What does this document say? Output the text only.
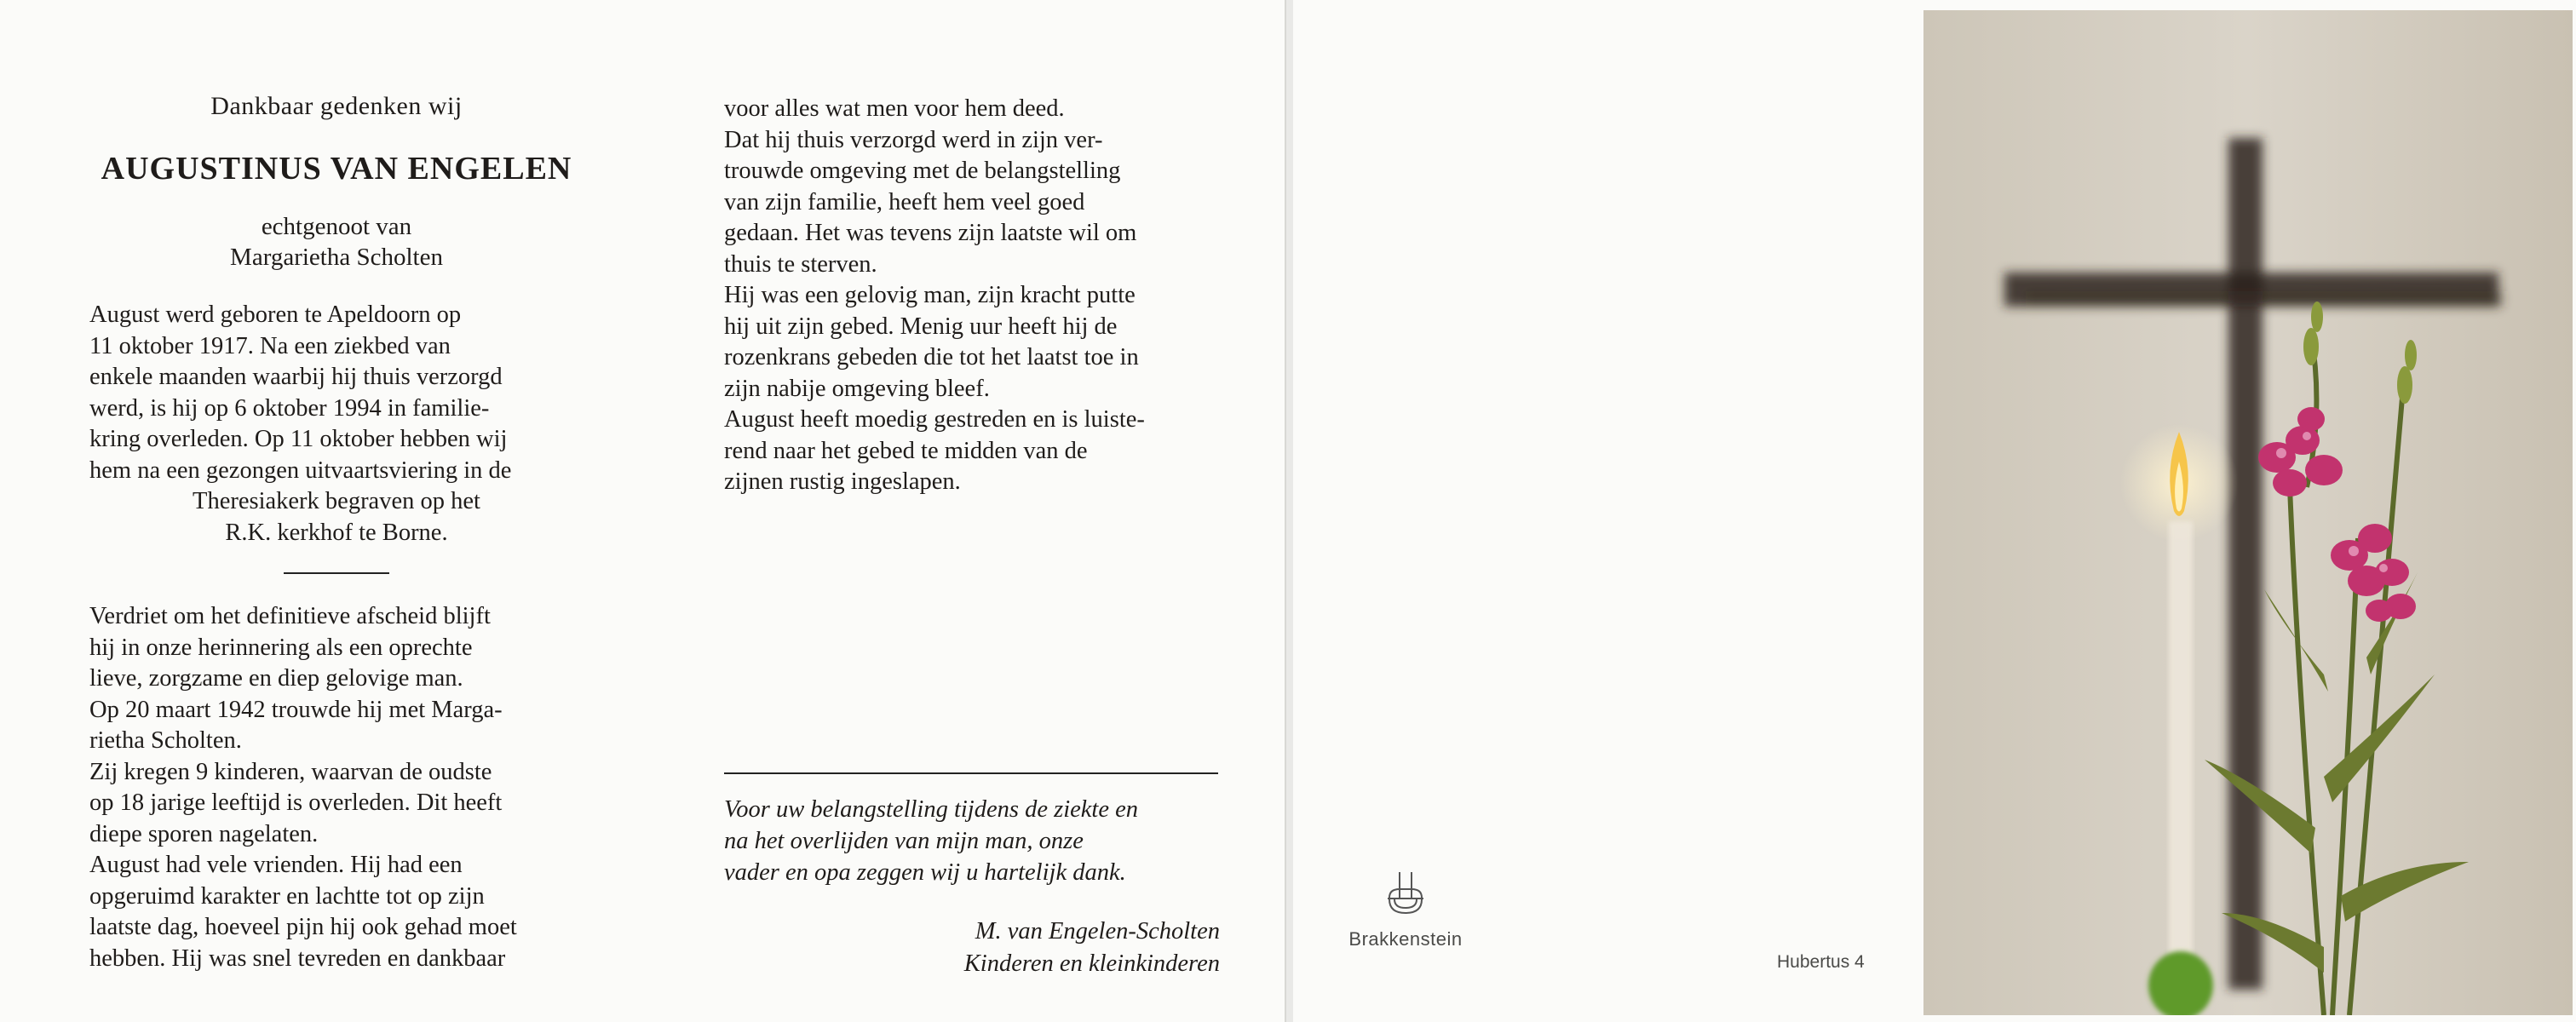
Dankbaar gedenken wij

AUGUSTINUS VAN ENGELEN

echtgenoot van
Margarietha Scholten

August werd geboren te Apeldoorn op
11 oktober 1917. Na een ziekbed van
enkele maanden waarbij hij thuis verzorgd
werd, is hij op 6 oktober 1994 in familie-
kring overleden. Op 11 oktober hebben wij
hem na een gezongen uitvaartsviering in de

Theresiakerk begraven op het
R.K. kerkhof te Borne.

Verdriet om het definitieve afscheid blijft
hij in onze herinnering als een oprechte
lieve, zorgzame en diep gelovige man.
Op 20 maart 1942 trouwde hij met Marga-
rietha Scholten.
Zij kregen 9 kinderen, waarvan de oudste
op 18 jarige leeftijd is overleden. Dit heeft
diepe sporen nagelaten.
August had vele vrienden. Hij had een
opgeruimd karakter en lachtte tot op zijn
laatste dag, hoeveel pijn hij ook gehad moet
hebben. Hij was snel tevreden en dankbaar

voor alles wat men voor hem deed.
Dat hij thuis verzorgd werd in zijn ver-
trouwde omgeving met de belangstelling
van zijn familie, heeft hem veel goed
gedaan. Het was tevens zijn laatste wil om
thuis te sterven.
Hij was een gelovig man, zijn kracht putte
hij uit zijn gebed. Menig uur heeft hij de
rozenkrans gebeden die tot het laatst toe in
zijn nabije omgeving bleef.
August heeft moedig gestreden en is luiste-
rend naar het gebed te midden van de
zijnen rustig ingeslapen.

Voor uw belangstelling tijdens de ziekte en
na het overlijden van mijn man, onze
vader en opa zeggen wij u hartelijk dank.

M. van Engelen-Scholten
Kinderen en kleinkinderen
Brakkenstein
Hubertus 4
